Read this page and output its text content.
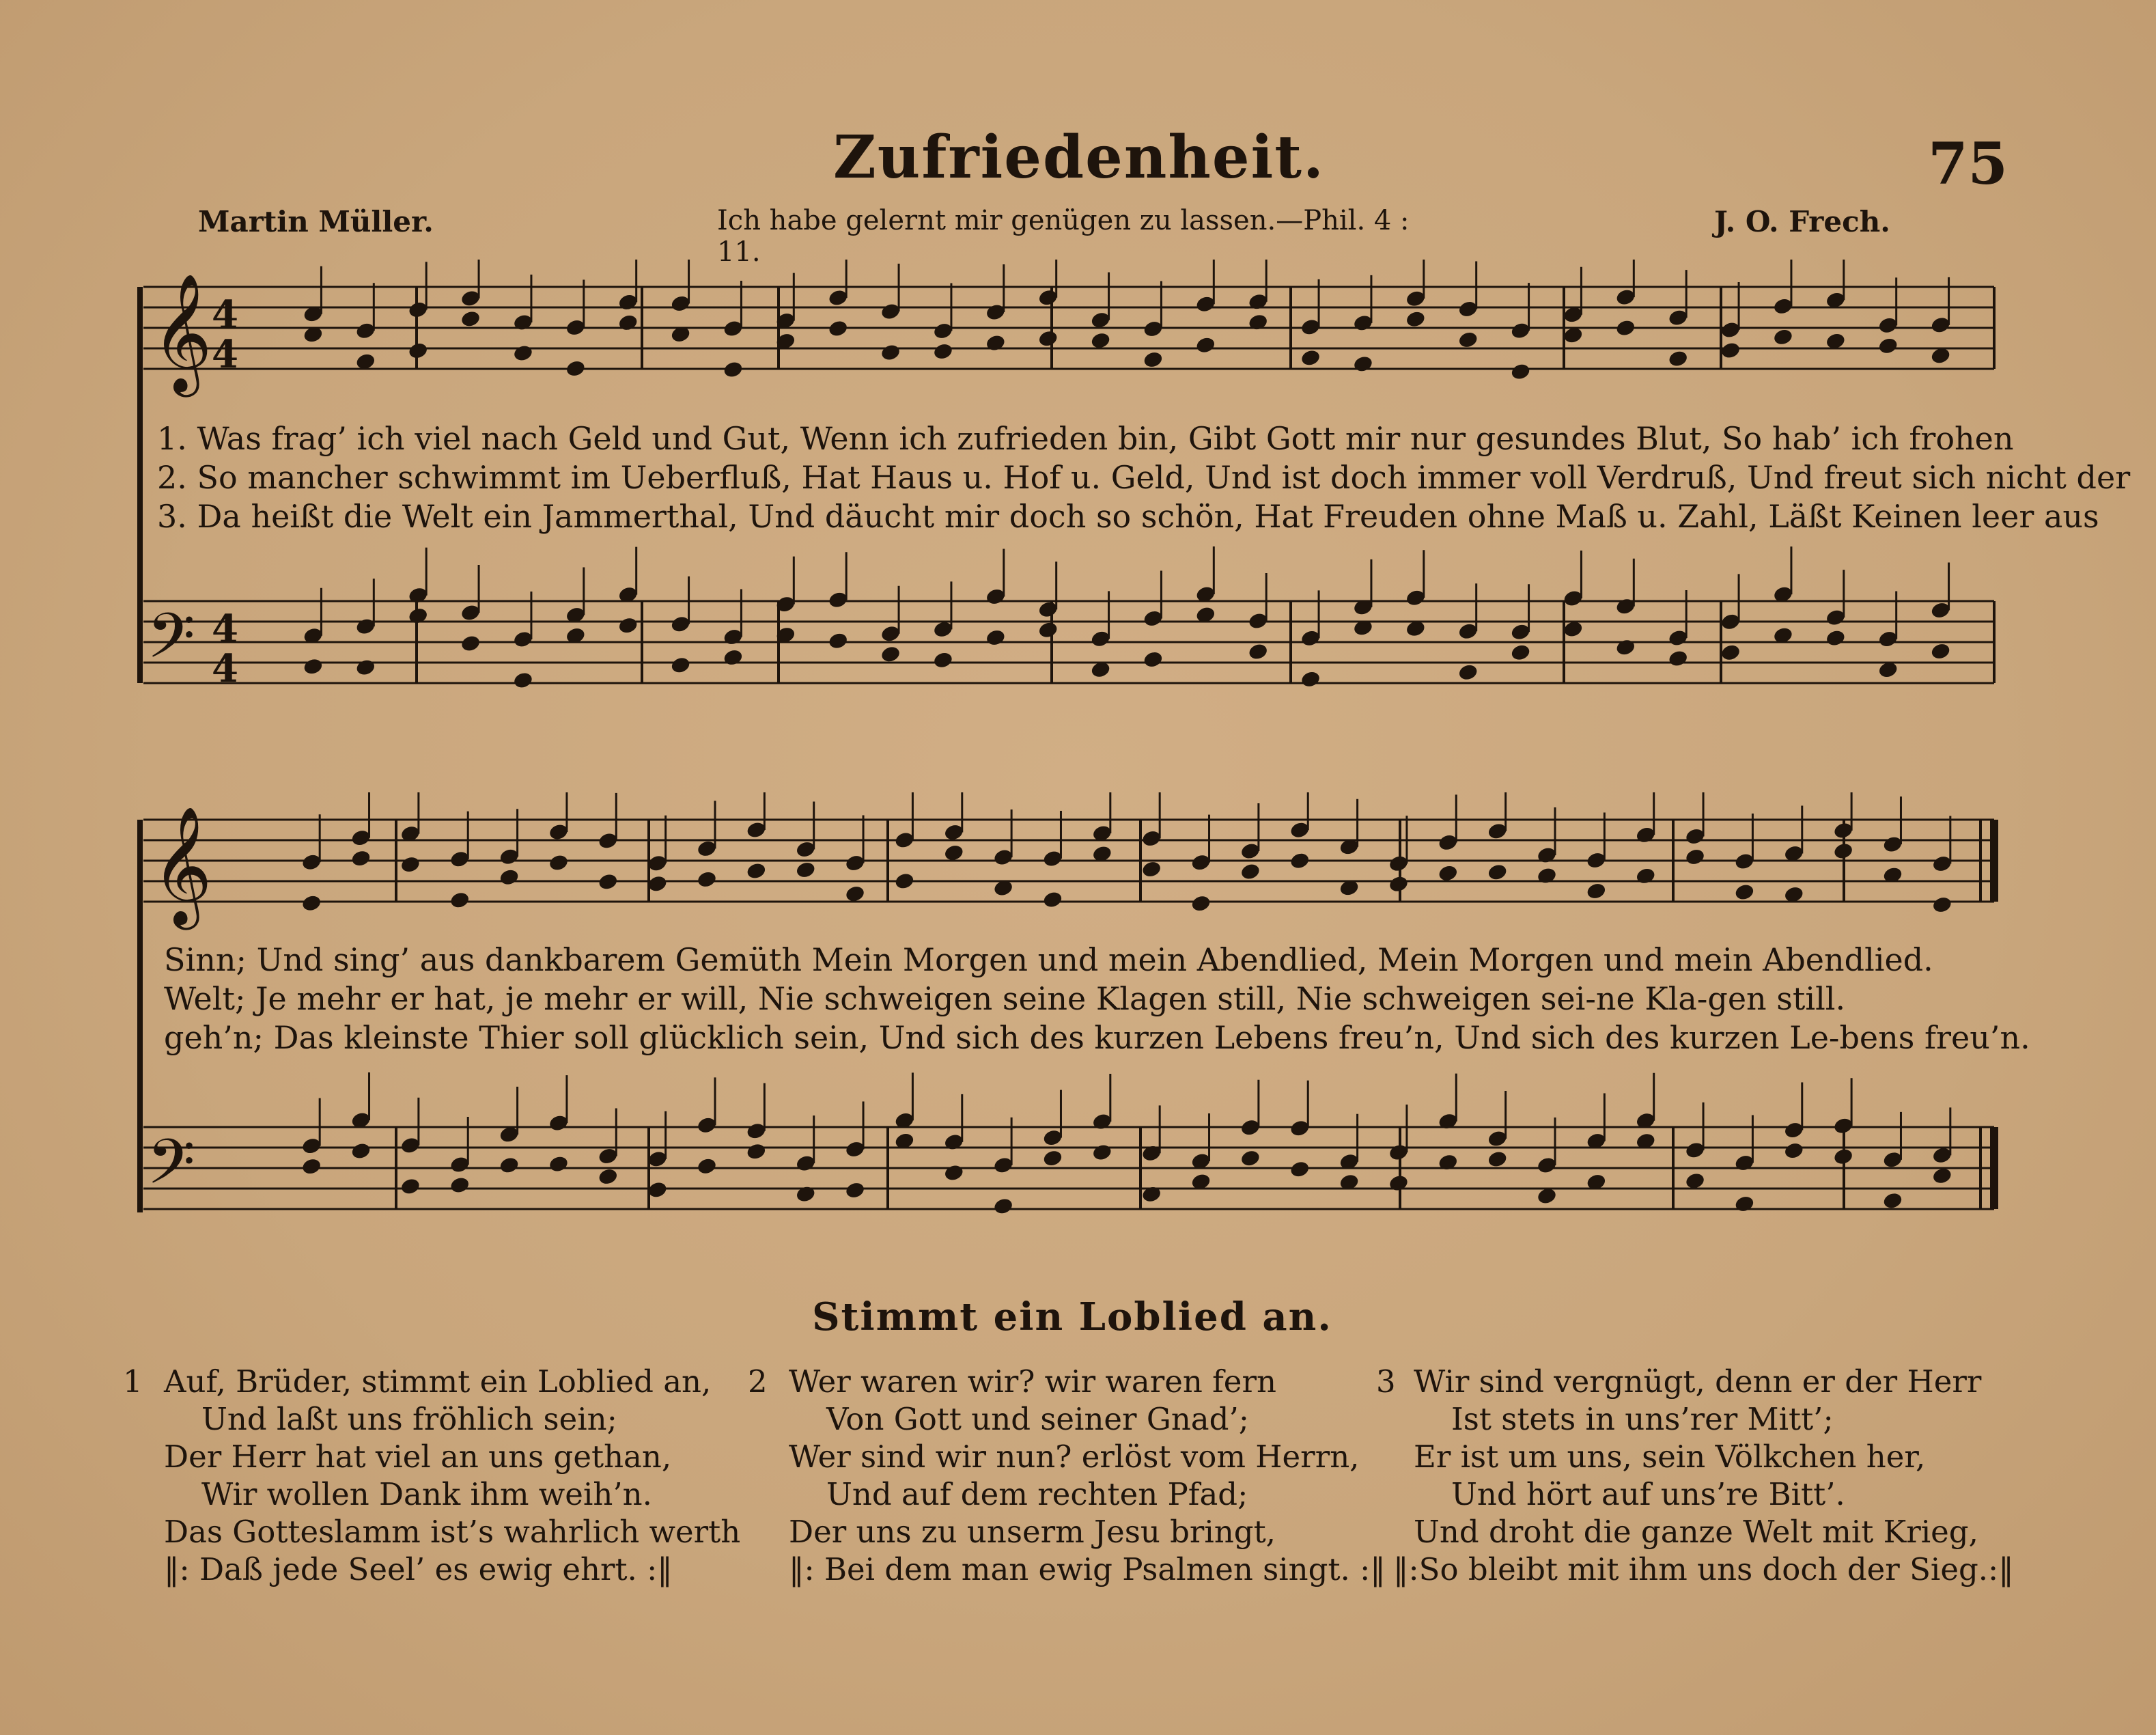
Zufriedenheit.	75
Martin Müller.	Ich habe gelernt mir genügen zu lassen.—Phil. 4 : 11.
J. O. Frech.
𝄞 4
4
1. Was frag’ ich viel nach Geld und Gut, Wenn ich zufrieden bin, Gibt Gott mir nur gesundes Blut, So hab’ ich frohen
2. So mancher schwimmt im Ueberfluß, Hat Haus u. Hof u. Geld, Und ist doch immer voll Verdruß, Und freut sich nicht der
3. Da heißt die Welt ein Jammerthal, Und däucht mir doch so schön, Hat Freuden ohne Maß u. Zahl, Läßt Keinen leer aus
𝄢 4
4
𝄞
Sinn; Und sing’ aus dankbarem Gemüth Mein Morgen und mein Abendlied, Mein Morgen und mein Abendlied.
Welt; Je mehr er hat, je mehr er will, Nie schweigen seine Klagen still, Nie schweigen sei-ne Kla-gen still.
geh’n; Das kleinste Thier soll glücklich sein, Und sich des kurzen Lebens freu’n, Und sich des kurzen Le-bens freu’n.
𝄢
Stimmt ein Loblied an.
1 Auf, Brüder, stimmt ein Loblied an,
Und laßt uns fröhlich sein;
Der Herr hat viel an uns gethan,
Wir wollen Dank ihm weih’n.
Das Gotteslamm ist’s wahrlich werth
‖: Daß jede Seel’ es ewig ehrt. :‖
2 Wer waren wir? wir waren fern
Von Gott und seiner Gnad’;
Wer sind wir nun? erlöst vom Herrn,
Und auf dem rechten Pfad;
Der uns zu unserm Jesu bringt,
‖: Bei dem man ewig Psalmen singt. :‖
3 Wir sind vergnügt, denn er der Herr
Ist stets in uns’rer Mitt’;
Er ist um uns, sein Völkchen her,
Und hört auf uns’re Bitt’.
Und droht die ganze Welt mit Krieg,
‖:So bleibt mit ihm uns doch der Sieg.:‖
